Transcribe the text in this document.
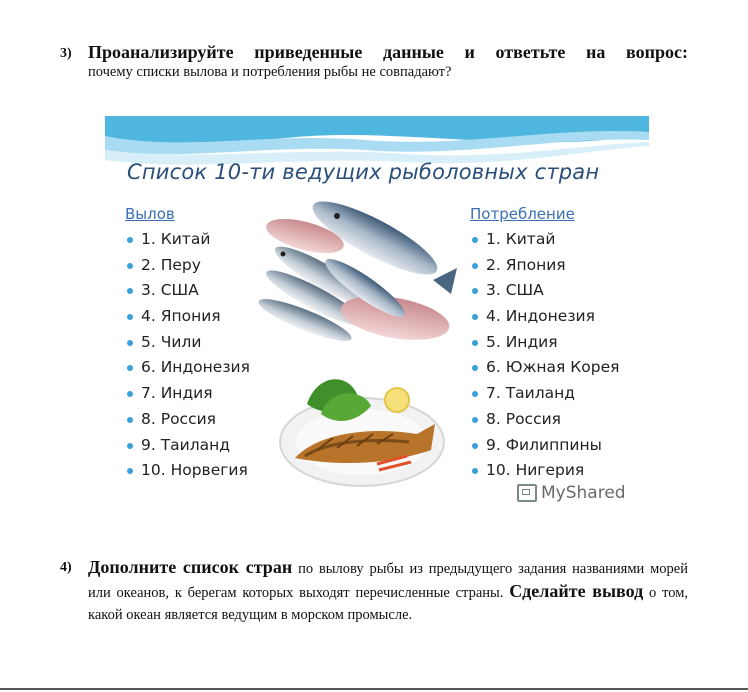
3) Проанализируйте приведенные данные и ответьте на вопрос:
почему списки вылова и потребления рыбы не совпадают?
Список 10-ти ведущих рыболовных стран
Вылов
1. Китай
2. Перу
3. США
4. Япония
5. Чили
6. Индонезия
7. Индия
8. Россия
9. Таиланд
10. Норвегия
Потребление
1. Китай
2. Япония
3. США
4. Индонезия
5. Индия
6. Южная Корея
7. Таиланд
8. Россия
9. Филиппины
10. Нигерия
MyShared
4) Дополните список стран по вылову рыбы из предыдущего задания названиями морей или океанов, к берегам которых выходят перечисленные страны. Сделайте вывод о том, какой океан является ведущим в морском промысле.
